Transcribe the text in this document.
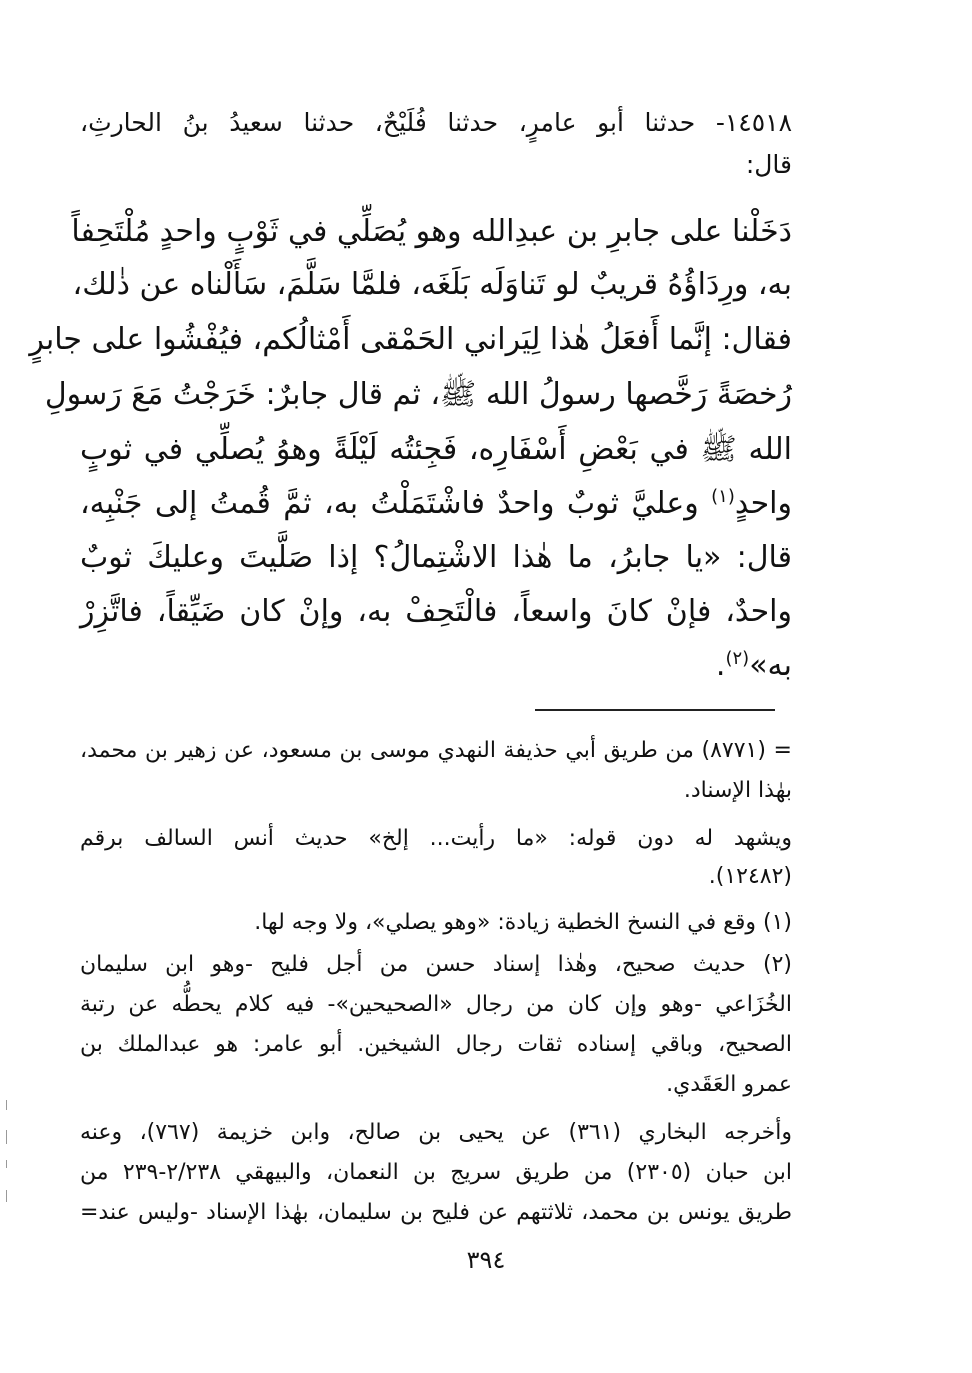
١٤٥١٨- حدثنا أبو عامرٍ، حدثنا فُلَيْحٌ، حدثنا سعيدُ بنُ الحارثِ،
قال:
دَخَلْنا على جابرِ بن عبدِالله وهو يُصَلِّي في ثَوْبٍ واحدٍ مُلْتَحِفاً
به، ورِدَاؤُهُ قريبٌ لو تَناوَلَه بَلَغَه، فلمَّا سَلَّمَ، سَأَلْناه عن ذٰلك،
فقال: إنَّما أَفعَلُ هٰذا لِيَراني الحَمْقى أَمْثالُكم، فيُفْشُوا على جابرٍ
رُخصَةً رَخَّصها رسولُ الله ﷺ، ثم قال جابرٌ: خَرَجْتُ مَعَ رَسولِ
الله ﷺ في بَعْضِ أَسْفَارِه، فَجِئتُه لَيْلَةً وهوُ يُصلِّي في ثوبٍ
واحدٍ$^{(١)}$ وعليَّ ثوبٌ واحدٌ فاشْتَمَلْتُ به، ثمَّ قُمتُ إلى جَنْبِه،
قال: «يا جابرُ، ما هٰذا الاشْتِمالُ؟ إذا صَلَّيتَ وعليكَ ثوبٌ
واحدٌ، فإنْ كانَ واسعاً، فالْتَحِفْ به، وإنْ كان ضَيِّقاً، فاتَّزِرْ
به»$^{(٢)}$.
= (٨٧٧١) من طريق أبي حذيفة النهدي موسى بن مسعود، عن زهير بن محمد،
بهٰذا الإسناد.
ويشهد له دون قوله: «ما رأيت... إلخ» حديث أنس السالف برقم
(١٢٤٨٢).
(١) وقع في النسخ الخطية زيادة: «وهو يصلي»، ولا وجه لها.
(٢) حديث صحيح، وهٰذا إسناد حسن من أجل فليح -وهو ابن سليمان
الخُزَاعي -وهو وإن كان من رجال «الصحيحين»- فيه كلام يحطُّه عن رتبة
الصحيح، وباقي إسناده ثقات رجال الشيخين. أبو عامر: هو عبدالملك بن
عمرو العَقَدي.
وأخرجه البخاري (٣٦١) عن يحيى بن صالح، وابن خزيمة (٧٦٧)، وعنه
ابن حبان (٢٣٠٥) من طريق سريج بن النعمان، والبيهقي ٢/٢٣٨-٢٣٩ من
طريق يونس بن محمد، ثلاثتهم عن فليح بن سليمان، بهٰذا الإسناد -وليس عند=
٣٩٤
